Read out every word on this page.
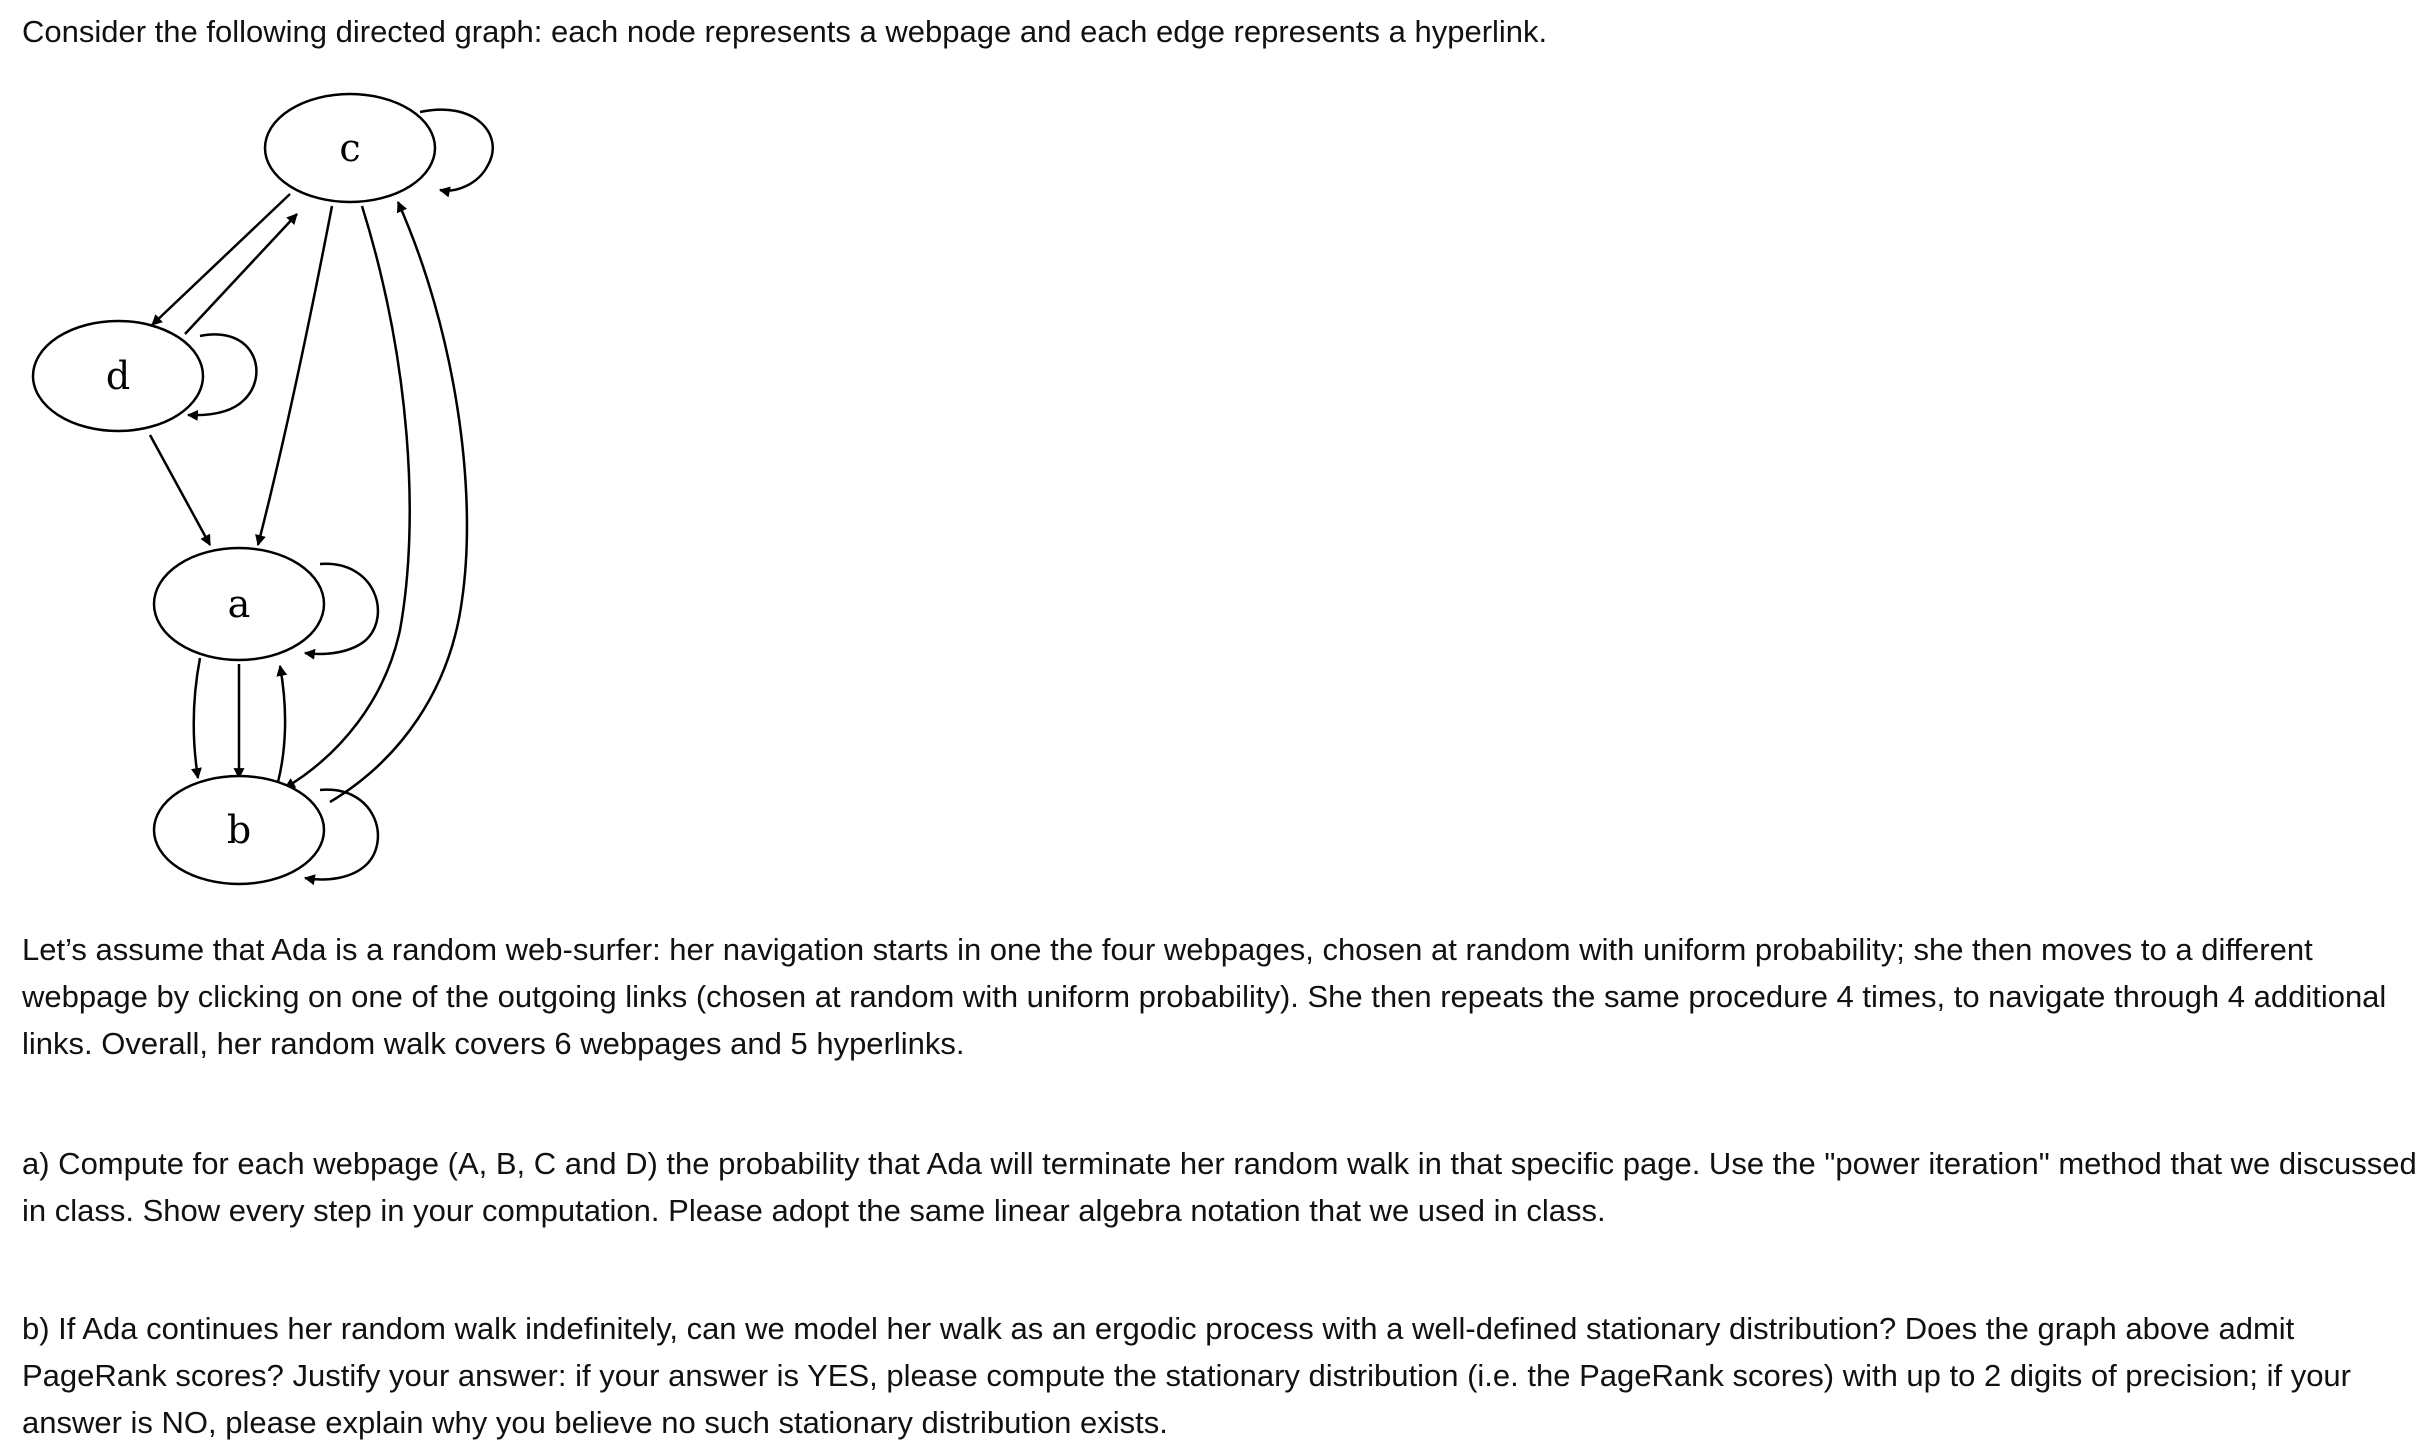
Consider the following directed graph: each node represents a webpage and each edge represents a hyperlink.

c
d
a
b

Let’s assume that Ada is a random web-surfer: her navigation starts in one the four webpages, chosen at random with uniform probability; she then moves to a different webpage by clicking on one of the outgoing links (chosen at random with uniform probability). She then repeats the same procedure 4 times, to navigate through 4 additional links. Overall, her random walk covers 6 webpages and 5 hyperlinks.

a) Compute for each webpage (A, B, C and D) the probability that Ada will terminate her random walk in that specific page. Use the "power iteration" method that we discussed in class. Show every step in your computation. Please adopt the same linear algebra notation that we used in class.

b) If Ada continues her random walk indefinitely, can we model her walk as an ergodic process with a well-defined stationary distribution? Does the graph above admit PageRank scores? Justify your answer: if your answer is YES, please compute the stationary distribution (i.e. the PageRank scores) with up to 2 digits of precision; if your answer is NO, please explain why you believe no such stationary distribution exists.
